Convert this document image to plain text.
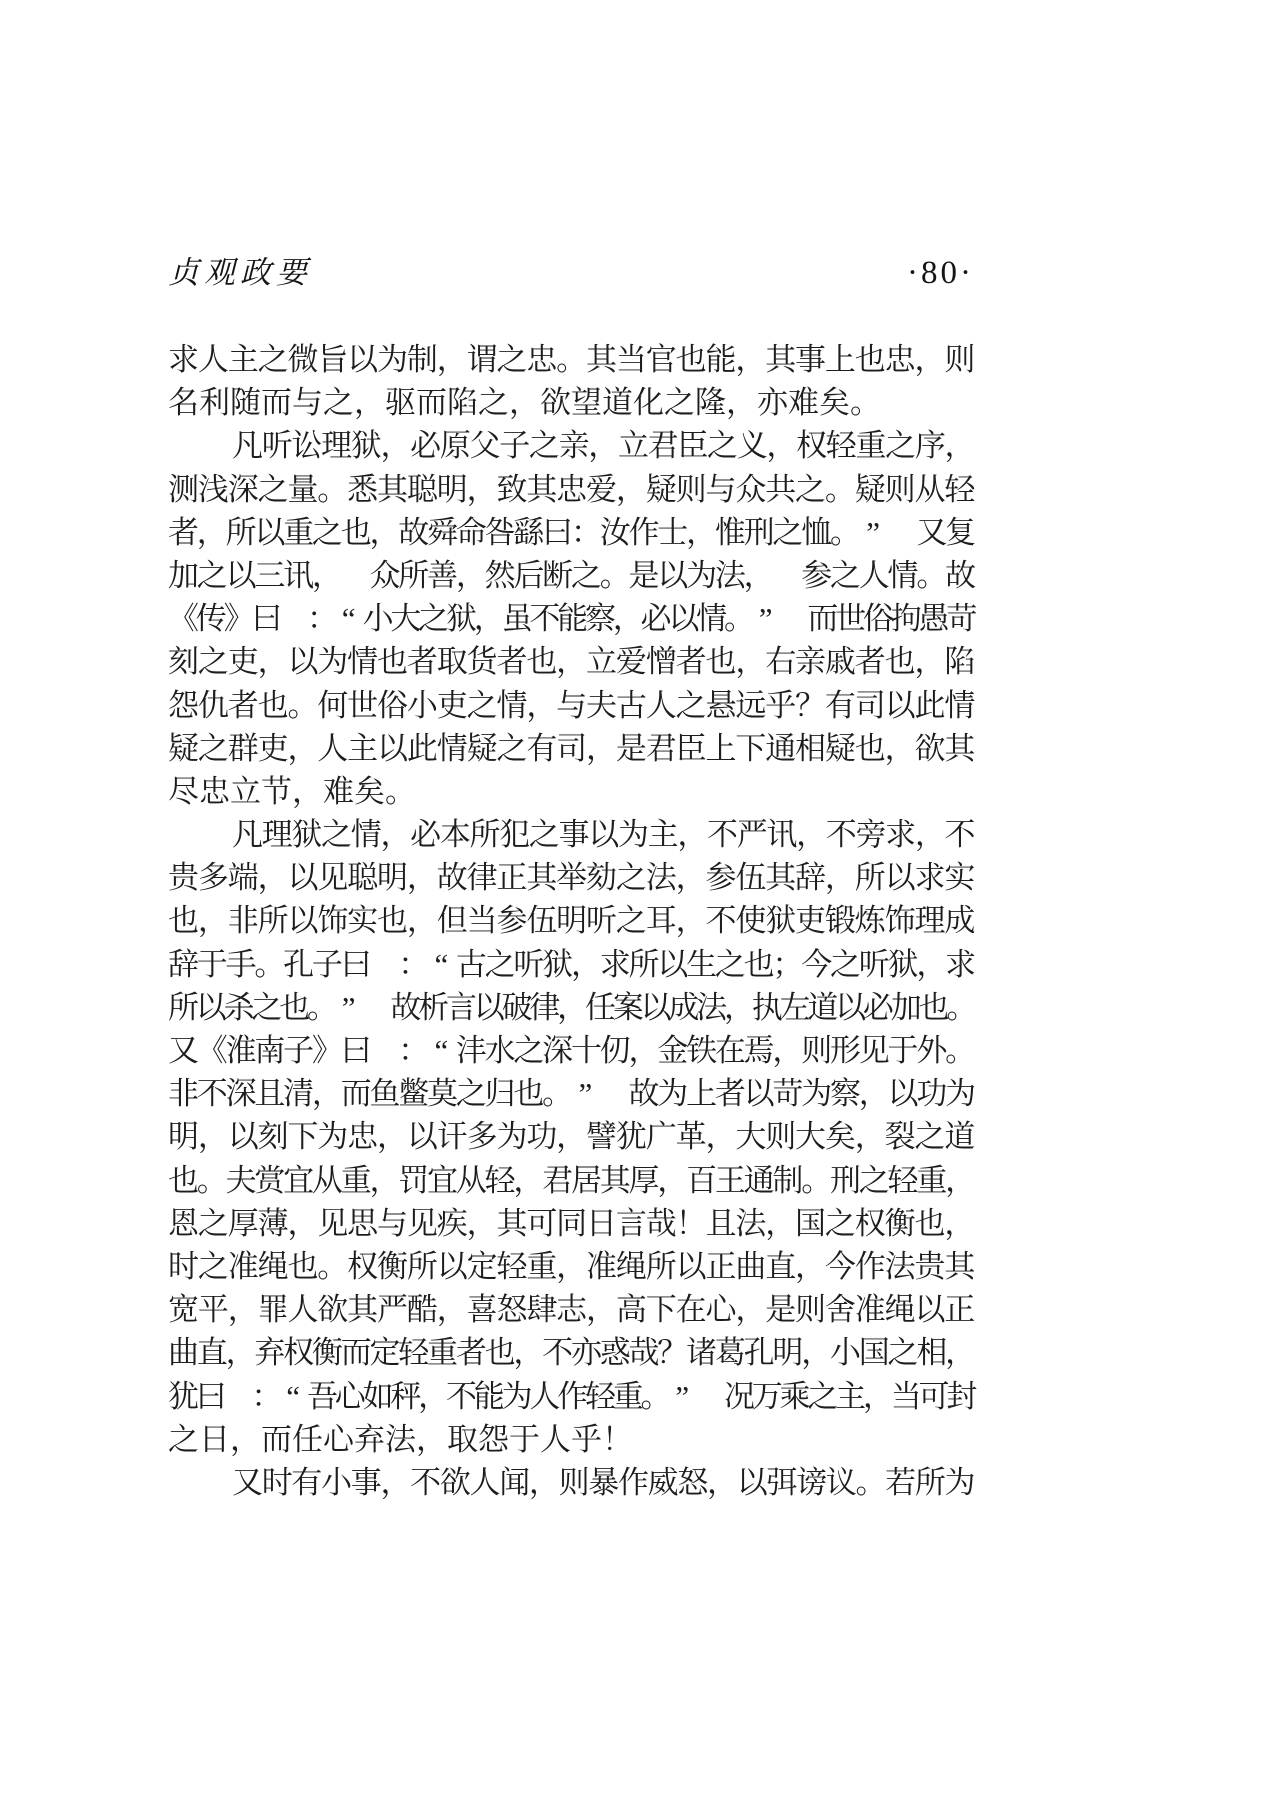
贞观政要	·80·
求
人
主
之
微
旨
以
为
制
，
谓
之
忠
。
其
当
官
也
能
，
其
事
上
也
忠
，
则
名利随而与之，驱而陷之，欲望道化之隆，亦难矣。
凡
听
讼
理
狱
，
必
原
父
子
之
亲
，
立
君
臣
之
义
，
权
轻
重
之
序
，
测
浅
深
之
量
。
悉
其
聪
明
，
致
其
忠
爱
，
疑
则
与
众
共
之
。
疑
则
从
轻
者
，
所
以
重
之
也
，
故
舜
命
咎
繇
曰
：
汝
作
士
，
惟
刑
之
恤
。 ”
　 又
复
加
之
以
三
讯
，
　 众
所
善
，
然
后
断
之
。
是
以
为
法
，
　 参
之
人
情
。
故
《
传
》
曰 ： “ 小
大
之
狱
，
虽
不
能
察
，
必
以
情
。 ”
　 而
世
俗
拘
愚
苛
刻
之
吏
，
以
为
情
也
者
取
货
者
也
，
立
爱
憎
者
也
，
右
亲
戚
者
也
，
陷
怨
仇
者
也
。
何
世
俗
小
吏
之
情
，
与
夫
古
人
之
悬
远
乎
？
有
司
以
此
情
疑
之
群
吏
，
人
主
以
此
情
疑
之
有
司
，
是
君
臣
上
下
通
相
疑
也
，
欲
其
尽忠立节，难矣。
凡
理
狱
之
情
，
必
本
所
犯
之
事
以
为
主
，
不
严
讯
，
不
旁
求
，
不
贵
多
端
，
以
见
聪
明
，
故
律
正
其
举
劾
之
法
，
参
伍
其
辞
，
所
以
求
实
也
，
非
所
以
饰
实
也
，
但
当
参
伍
明
听
之
耳
，
不
使
狱
吏
锻
炼
饰
理
成
辞
于
手
。
孔
子
曰 ： “ 古
之
听
狱
，
求
所
以
生
之
也
；
今
之
听
狱
，
求
所
以
杀
之
也
。 ”
　 故
析
言
以
破
律
，
任
案
以
成
法
，
执
左
道
以
必
加
也
。
又
《
淮
南
子
》
曰 ： “ 沣
水
之
深
十
仞
，
金
铁
在
焉
，
则
形
见
于
外
。
非
不
深
且
清
，
而
鱼
鳖
莫
之
归
也
。 ”
　 故
为
上
者
以
苛
为
察
，
以
功
为
明
，
以
刻
下
为
忠
，
以
讦
多
为
功
，
譬
犹
广
革
，
大
则
大
矣
，
裂
之
道
也
。
夫
赏
宜
从
重
，
罚
宜
从
轻
，
君
居
其
厚
，
百
王
通
制
。
刑
之
轻
重
，
恩
之
厚
薄
，
见
思
与
见
疾
，
其
可
同
日
言
哉
！
且
法
，
国
之
权
衡
也
，
时
之
准
绳
也
。
权
衡
所
以
定
轻
重
，
准
绳
所
以
正
曲
直
，
今
作
法
贵
其
宽
平
，
罪
人
欲
其
严
酷
，
喜
怒
肆
志
，
高
下
在
心
，
是
则
舍
准
绳
以
正
曲
直
，
弃
权
衡
而
定
轻
重
者
也
，
不
亦
惑
哉
？
诸
葛
孔
明
，
小
国
之
相
，
犹
曰 ： “ 吾
心
如
秤
，
不
能
为
人
作
轻
重
。 ”
　 况
万
乘
之
主
，
当
可
封
之日，而任心弃法，取怨于人乎！
又
时
有
小
事
，
不
欲
人
闻
，
则
暴
作
威
怒
，
以
弭
谤
议
。
若
所
为
